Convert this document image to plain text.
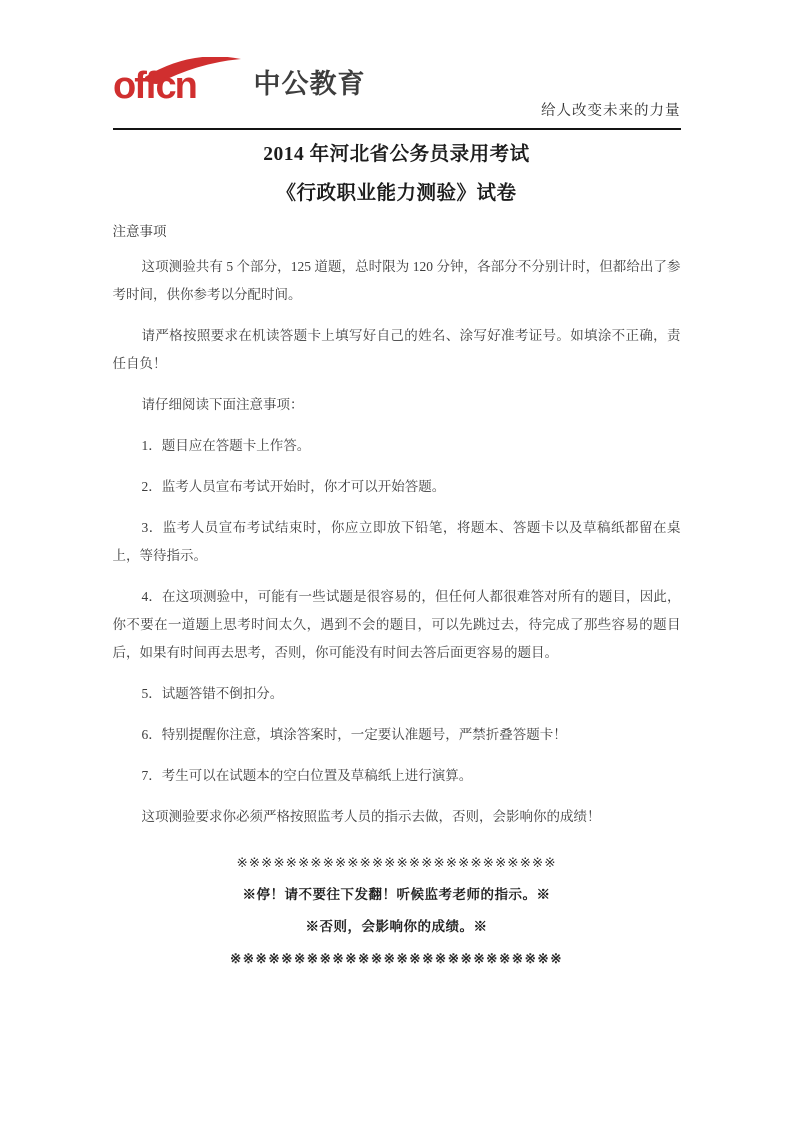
offcn 中公教育
给人改变未来的力量
2014 年河北省公务员录用考试
《行政职业能力测验》试卷
注意事项

这项测验共有 5 个部分，125 道题，总时限为 120 分钟，各部分不分别计时，但都给出了参考时间，供你参考以分配时间。

请严格按照要求在机读答题卡上填写好自己的姓名、涂写好准考证号。如填涂不正确，责任自负！

请仔细阅读下面注意事项：

1．题目应在答题卡上作答。

2．监考人员宣布考试开始时，你才可以开始答题。

3．监考人员宣布考试结束时，你应立即放下铅笔，将题本、答题卡以及草稿纸都留在桌上，等待指示。

4．在这项测验中，可能有一些试题是很容易的，但任何人都很难答对所有的题目，因此，你不要在一道题上思考时间太久，遇到不会的题目，可以先跳过去，待完成了那些容易的题目后，如果有时间再去思考，否则，你可能没有时间去答后面更容易的题目。

5．试题答错不倒扣分。

6．特别提醒你注意，填涂答案时，一定要认准题号，严禁折叠答题卡！

7．考生可以在试题本的空白位置及草稿纸上进行演算。

这项测验要求你必须严格按照监考人员的指示去做，否则，会影响你的成绩！

※※※※※※※※※※※※※※※※※※※※※※※※※※
※停！请不要往下发翻！听候监考老师的指示。※
※否则，会影响你的成绩。※
※※※※※※※※※※※※※※※※※※※※※※※※※※
